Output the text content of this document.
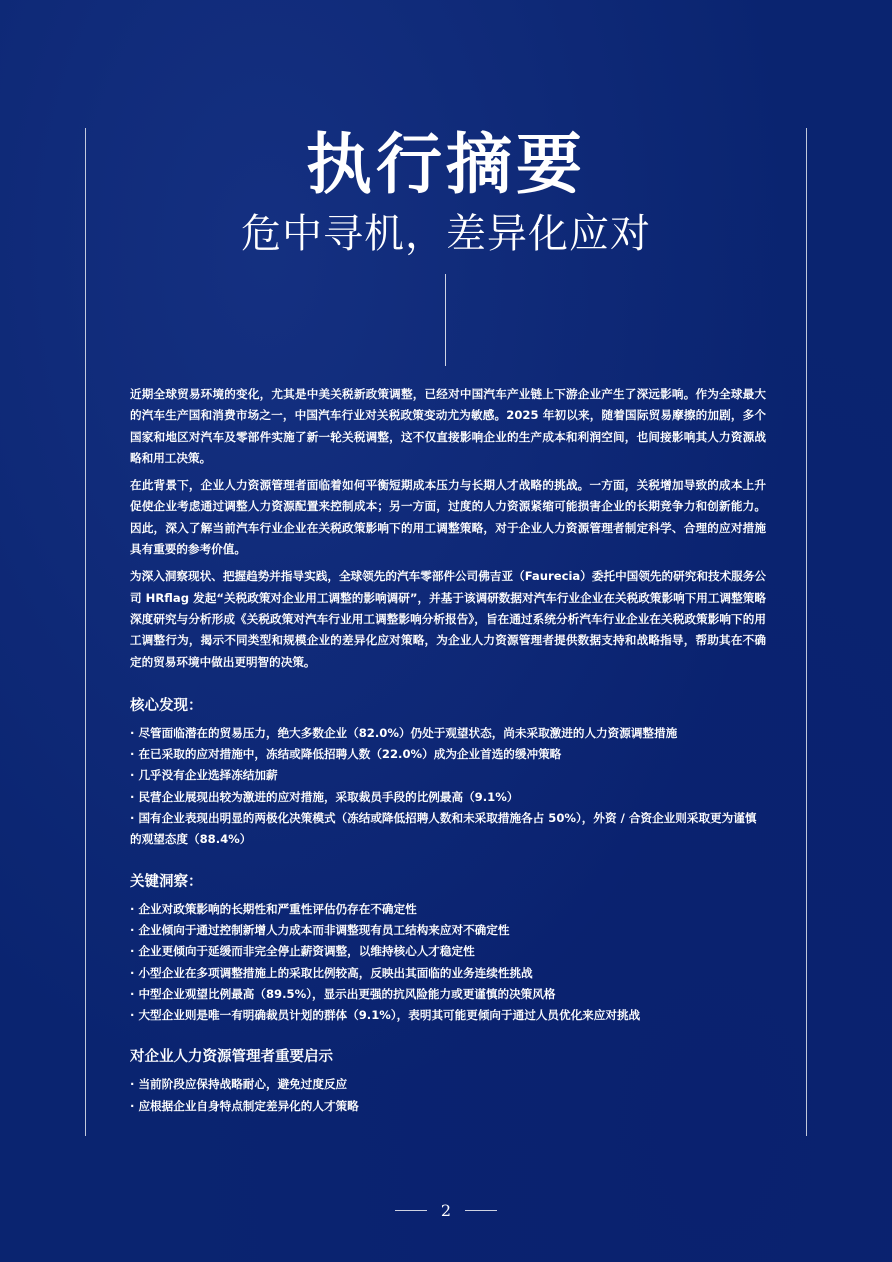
执行摘要
危中寻机，差异化应对

近期全球贸易环境的变化，尤其是中美关税新政策调整，已经对中国汽车产业链上下游企业产生了深远影响。作为全球最大的汽车生产国和消费市场之一，中国汽车行业对关税政策变动尤为敏感。2025 年初以来，随着国际贸易摩擦的加剧，多个国家和地区对汽车及零部件实施了新一轮关税调整，这不仅直接影响企业的生产成本和利润空间，也间接影响其人力资源战略和用工决策。

在此背景下，企业人力资源管理者面临着如何平衡短期成本压力与长期人才战略的挑战。一方面，关税增加导致的成本上升促使企业考虑通过调整人力资源配置来控制成本；另一方面，过度的人力资源紧缩可能损害企业的长期竞争力和创新能力。因此，深入了解当前汽车行业企业在关税政策影响下的用工调整策略，对于企业人力资源管理者制定科学、合理的应对措施具有重要的参考价值。

为深入洞察现状、把握趋势并指导实践，全球领先的汽车零部件公司佛吉亚（Faurecia）委托中国领先的研究和技术服务公司 HRflag 发起“关税政策对企业用工调整的影响调研”，并基于该调研数据对汽车行业企业在关税政策影响下用工调整策略深度研究与分析形成《关税政策对汽车行业用工调整影响分析报告》，旨在通过系统分析汽车行业企业在关税政策影响下的用工调整行为，揭示不同类型和规模企业的差异化应对策略，为企业人力资源管理者提供数据支持和战略指导，帮助其在不确定的贸易环境中做出更明智的决策。

核心发现：
· 尽管面临潜在的贸易压力，绝大多数企业（82.0%）仍处于观望状态，尚未采取激进的人力资源调整措施
· 在已采取的应对措施中，冻结或降低招聘人数（22.0%）成为企业首选的缓冲策略
· 几乎没有企业选择冻结加薪
· 民营企业展现出较为激进的应对措施，采取裁员手段的比例最高（9.1%）
· 国有企业表现出明显的两极化决策模式（冻结或降低招聘人数和未采取措施各占 50%），外资 / 合资企业则采取更为谨慎的观望态度（88.4%）
关键洞察：
· 企业对政策影响的长期性和严重性评估仍存在不确定性
· 企业倾向于通过控制新增人力成本而非调整现有员工结构来应对不确定性
· 企业更倾向于延缓而非完全停止薪资调整，以维持核心人才稳定性
· 小型企业在多项调整措施上的采取比例较高，反映出其面临的业务连续性挑战
· 中型企业观望比例最高（89.5%），显示出更强的抗风险能力或更谨慎的决策风格
· 大型企业则是唯一有明确裁员计划的群体（9.1%），表明其可能更倾向于通过人员优化来应对挑战
对企业人力资源管理者重要启示
· 当前阶段应保持战略耐心，避免过度反应
· 应根据企业自身特点制定差异化的人才策略
2
